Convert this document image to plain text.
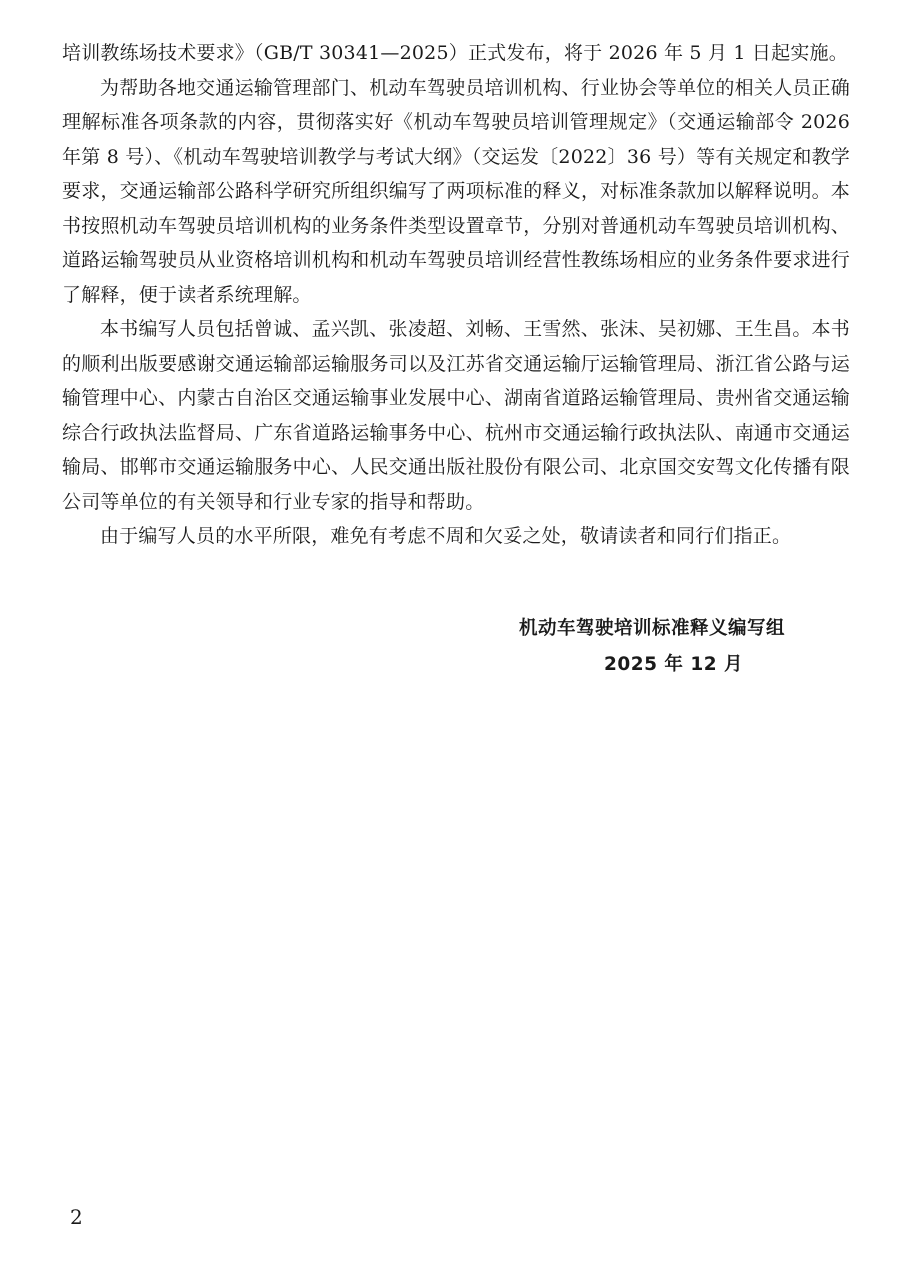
培训教练场技术要求》（GB/T 30341—2025）正式发布，将于 2026 年 5 月 1 日起实施。

为帮助各地交通运输管理部门、机动车驾驶员培训机构、行业协会等单位的相关人员正确理解标准各项条款的内容，贯彻落实好《机动车驾驶员培训管理规定》（交通运输部令 2026 年第 8 号）、《机动车驾驶培训教学与考试大纲》（交运发〔2022〕36 号）等有关规定和教学要求，交通运输部公路科学研究所组织编写了两项标准的释义，对标准条款加以解释说明。本书按照机动车驾驶员培训机构的业务条件类型设置章节，分别对普通机动车驾驶员培训机构、道路运输驾驶员从业资格培训机构和机动车驾驶员培训经营性教练场相应的业务条件要求进行了解释，便于读者系统理解。

本书编写人员包括曾诚、孟兴凯、张凌超、刘畅、王雪然、张沫、吴初娜、王生昌。本书的顺利出版要感谢交通运输部运输服务司以及江苏省交通运输厅运输管理局、浙江省公路与运输管理中心、内蒙古自治区交通运输事业发展中心、湖南省道路运输管理局、贵州省交通运输综合行政执法监督局、广东省道路运输事务中心、杭州市交通运输行政执法队、南通市交通运输局、邯郸市交通运输服务中心、人民交通出版社股份有限公司、北京国交安驾文化传播有限公司等单位的有关领导和行业专家的指导和帮助。

由于编写人员的水平所限，难免有考虑不周和欠妥之处，敬请读者和同行们指正。

机动车驾驶培训标准释义编写组
2025 年 12 月
2
